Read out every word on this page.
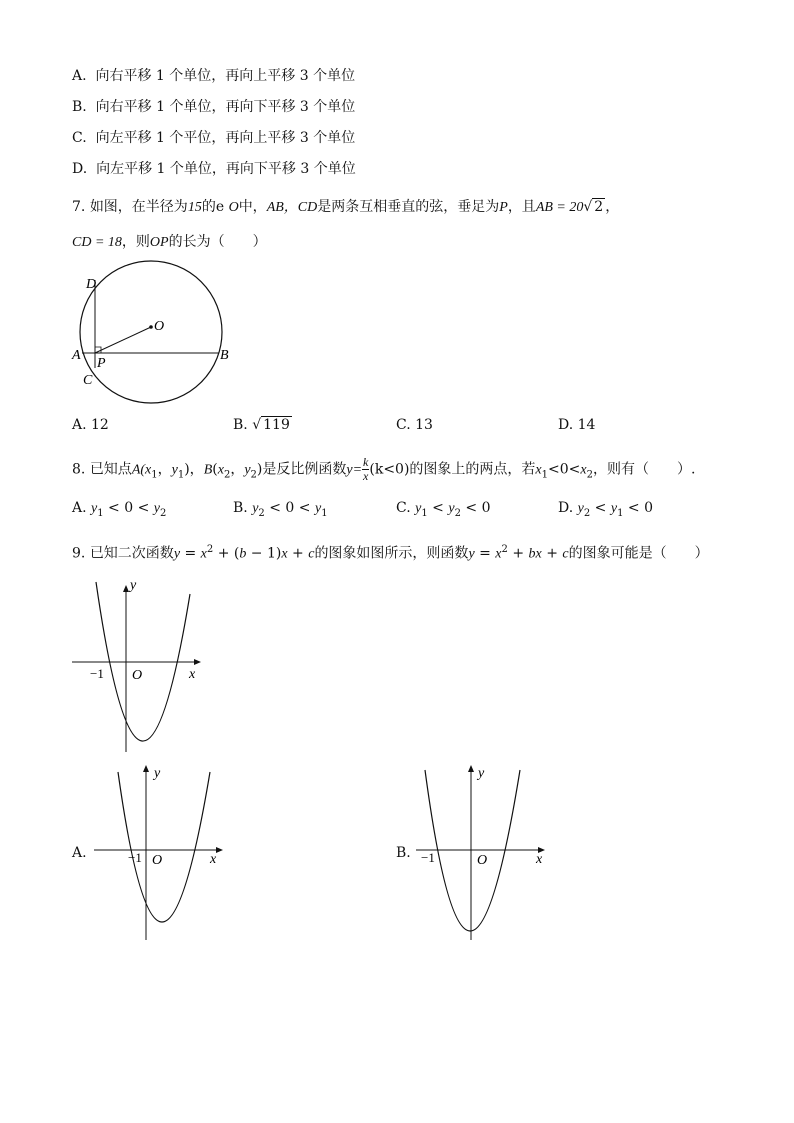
A. 向右平移 1 个单位，再向上平移 3 个单位
B. 向右平移 1 个单位，再向下平移 3 个单位
C. 向左平移 1 个平位，再向上平移 3 个单位
D. 向左平移 1 个单位，再向下平移 3 个单位
7. 如图，在半径为15的e O中，AB，CD是两条互相垂直的弦，垂足为P，且AB = 20√ 2 ，
CD = 18，则OP的长为（　　）
D
O
A
P
B
C
A. 12	B. √ 119	C. 13	D. 14
8. 已知点$A(x_1$，$y_1$)，$B(x_2$，$y_2$)是反比例函数$y= \frac{k}{x} (k<0)$的图象上的两点，若$x_1<0<x_2$，则有（　　）.
A. $y_1 < 0 < y_2$	B. $y_2 < 0 < y_1$	C. $y_1 < y_2 < 0$	D. $y_2 < y_1 < 0$
9. 已知二次函数$y = x^2 + (b - 1)x + c$的图象如图所示，则函数$y = x^2$ + bx + c的图象可能是（　　）
y
x
O
−1
A.
y
x
O
−1	B.
y
x
O
−1
